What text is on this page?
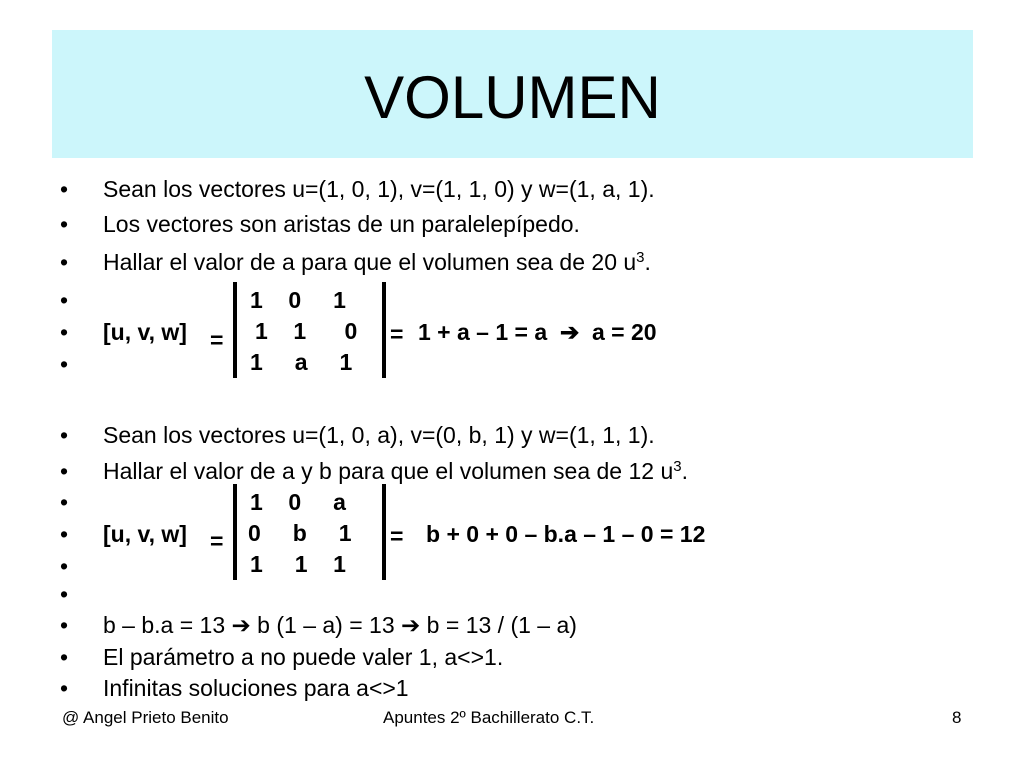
VOLUMEN
• Sean los vectores u=(1, 0, 1), v=(1, 1, 0) y w=(1, a, 1).
• Los vectores son aristas de un paralelepípedo.
• Hallar el valor de a para que el volumen sea de 20 $u^3$.
•
• [u, v, w]
•
=
1    0     1
1    1      0
1     a     1
= 1 + a – 1 = a  ➔  a = 20
• Sean los vectores u=(1, 0, a), v=(0, b, 1) y w=(1, 1, 1).
• Hallar el valor de a y b para que el volumen sea de 12 $u^3$.
•
• [u, v, w]
•
•
=
1    0     a
0     b     1
1     1    1
= b + 0 + 0 – b.a – 1 – 0 = 12
• b – b.a = 13 ➔ b (1 – a) = 13 ➔ b = 13 / (1 – a)
• El parámetro a no puede valer 1, a<>1.
• Infinitas soluciones para a<>1
@ Angel Prieto Benito	Apuntes 2º Bachillerato C.T.	8
